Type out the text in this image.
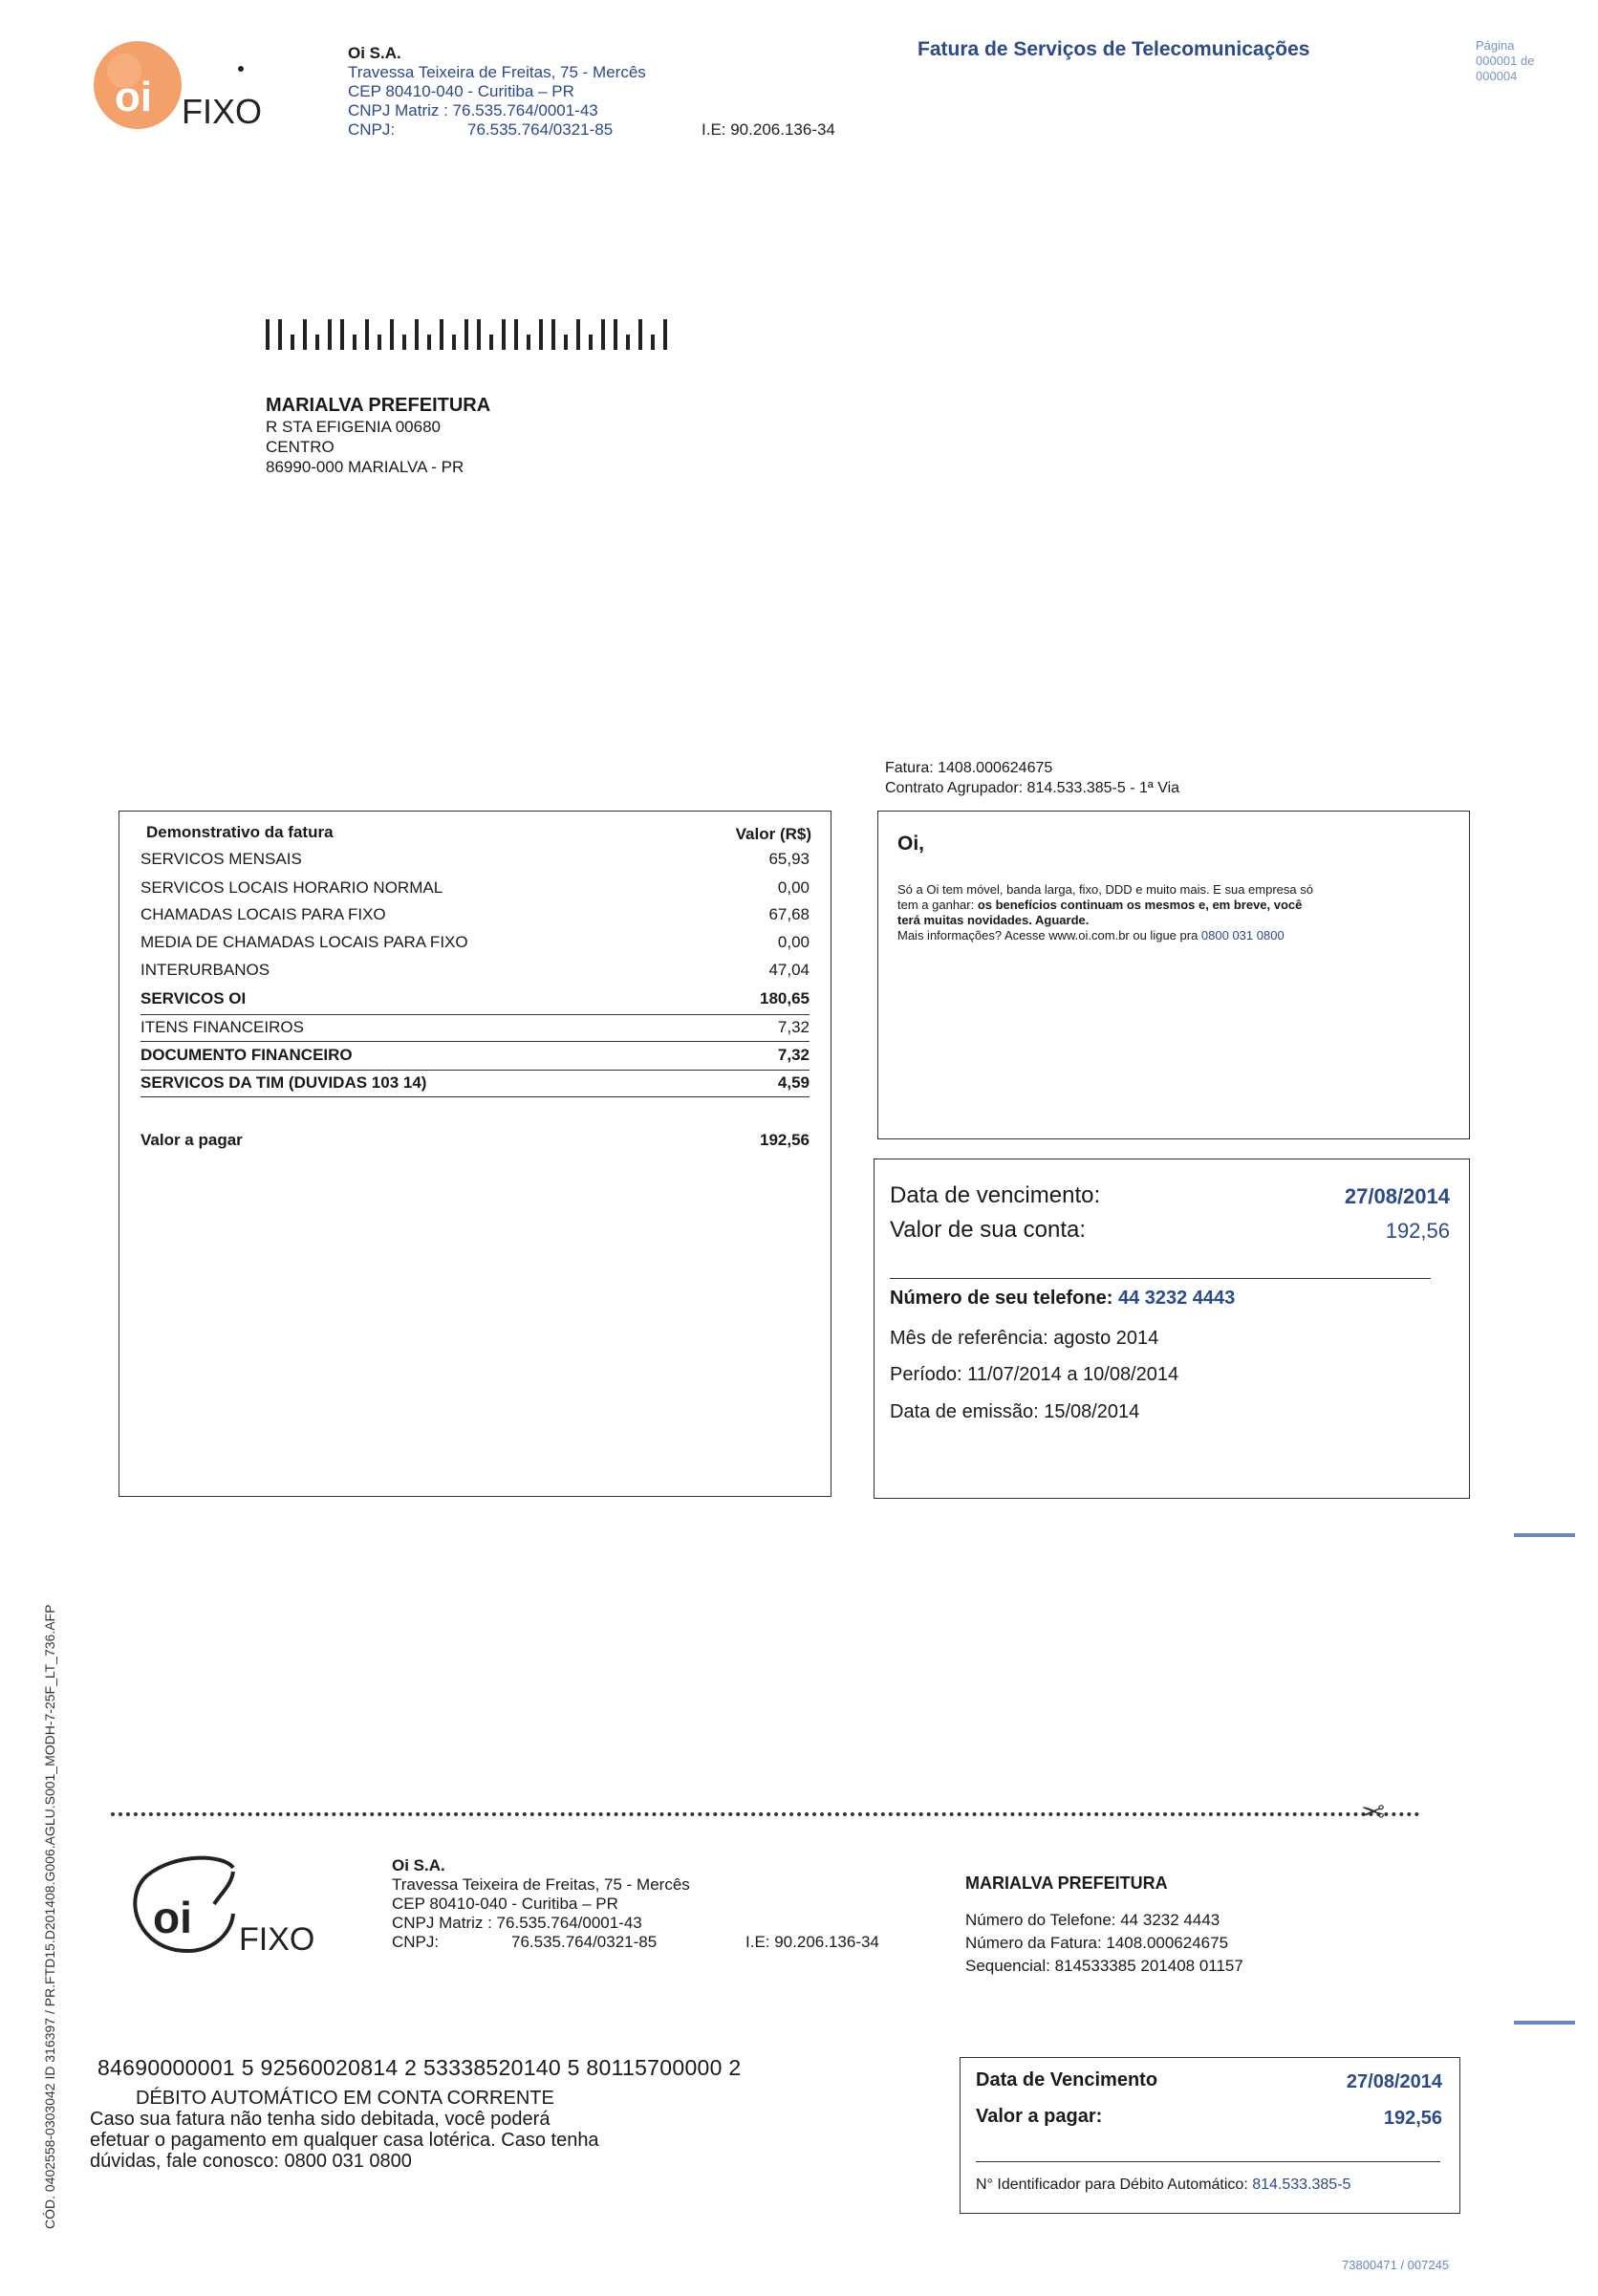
oi FIXO
Oi S.A.
Travessa Teixeira de Freitas, 75 - Mercês
CEP 80410-040 - Curitiba – PR
CNPJ Matriz : 76.535.764/0001-43
CNPJ:	76.535.764/0321-85	I.E: 90.206.136-34
Fatura de Serviços de Telecomunicações	Página
000001 de
000004
MARIALVA PREFEITURA
R STA EFIGENIA 00680
CENTRO
86990-000 MARIALVA - PR
Fatura: 1408.000624675
Contrato Agrupador: 814.533.385-5 - 1ª Via
Demonstrativo da fatura	Valor (R$)
SERVICOS MENSAIS	65,93
SERVICOS LOCAIS HORARIO NORMAL	0,00
CHAMADAS LOCAIS PARA FIXO	67,68
MEDIA DE CHAMADAS LOCAIS PARA FIXO	0,00
INTERURBANOS	47,04
SERVICOS OI	180,65
ITENS FINANCEIROS	7,32
DOCUMENTO FINANCEIRO	7,32
SERVICOS DA TIM (DUVIDAS 103 14)	4,59
Valor a pagar	192,56
Oi,
Só a Oi tem móvel, banda larga, fixo, DDD e muito mais. E sua empresa só
tem a ganhar: os benefícios continuam os mesmos e, em breve, você
terá muitas novidades. Aguarde.
Mais informações? Acesse www.oi.com.br ou ligue pra 0800 031 0800
Data de vencimento:	27/08/2014
Valor de sua conta:	192,56
Número de seu telefone: 44 3232 4443
Mês de referência: agosto 2014
Período: 11/07/2014 a 10/08/2014
Data de emissão: 15/08/2014
CÓD. 0402558-0303042 ID 316397 / PR.FTD15.D201408.G006.AGLU.S001_MODH-7-25F_LT_736.AFP	✂
oi FIXO
Oi S.A.
Travessa Teixeira de Freitas, 75 - Mercês
CEP 80410-040 - Curitiba – PR
CNPJ Matriz : 76.535.764/0001-43
CNPJ:	76.535.764/0321-85	I.E: 90.206.136-34
MARIALVA PREFEITURA
Número do Telefone: 44 3232 4443
Número da Fatura: 1408.000624675
Sequencial: 814533385 201408 01157
84690000001 5 92560020814 2 53338520140 5 80115700000 2
DÉBITO AUTOMÁTICO EM CONTA CORRENTE
Caso sua fatura não tenha sido debitada, você poderá
efetuar o pagamento em qualquer casa lotérica. Caso tenha
dúvidas, fale conosco: 0800 031 0800
Data de Vencimento	27/08/2014
Valor a pagar:	192,56
N° Identificador para Débito Automático: 814.533.385-5
73800471 / 007245
